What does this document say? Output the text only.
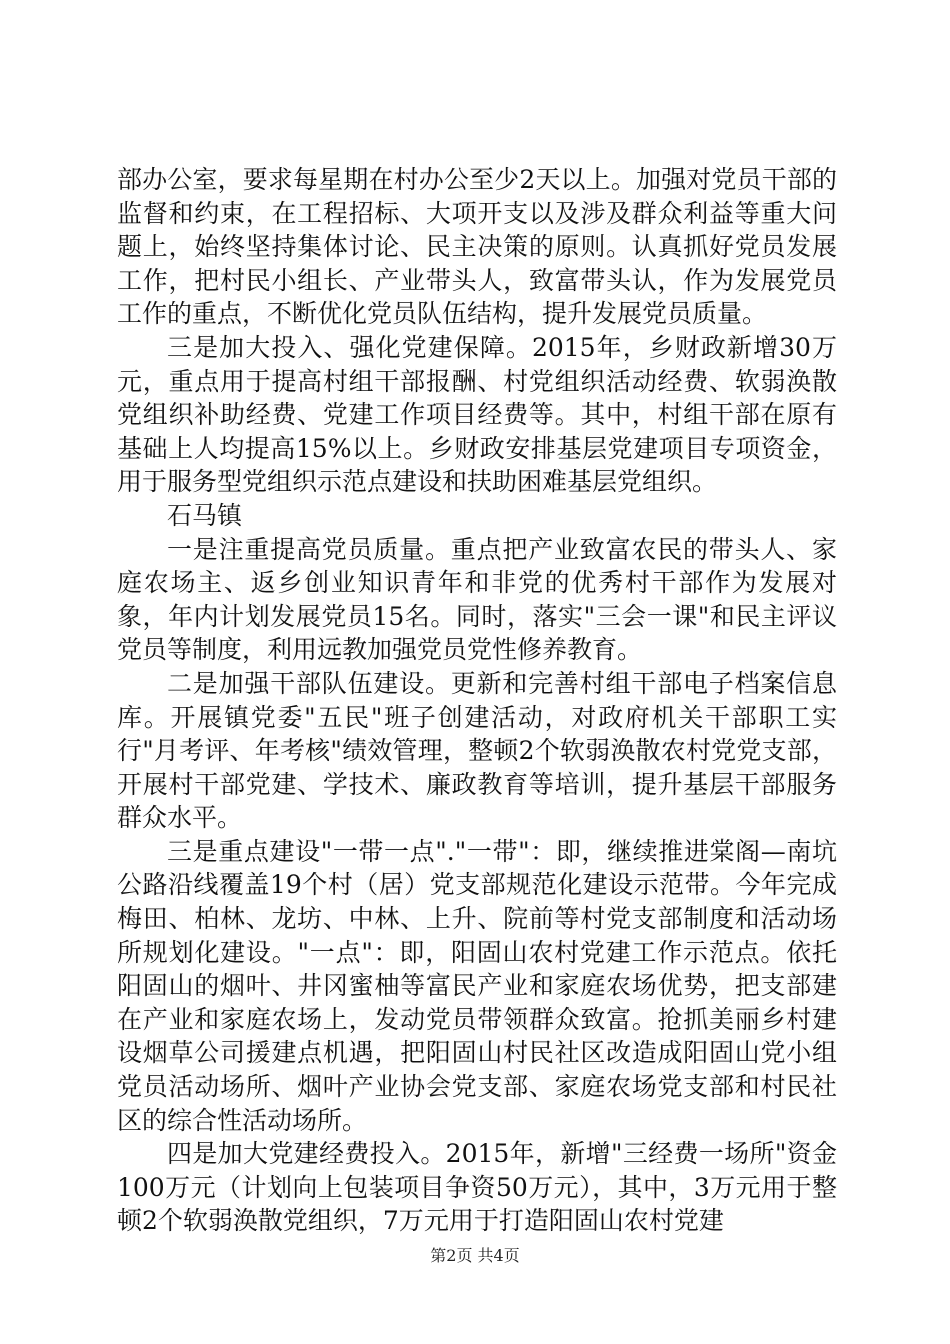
部办公室，要求每星期在村办公至少2天以上。加强对党员干部的监督和约束，在工程招标、大项开支以及涉及群众利益等重大问题上，始终坚持集体讨论、民主决策的原则。认真抓好党员发展工作，把村民小组长、产业带头人，致富带头认，作为发展党员工作的重点，不断优化党员队伍结构，提升发展党员质量。

三是加大投入、强化党建保障。2015年，乡财政新增30万元，重点用于提高村组干部报酬、村党组织活动经费、软弱涣散党组织补助经费、党建工作项目经费等。其中，村组干部在原有基础上人均提高15%以上。乡财政安排基层党建项目专项资金，用于服务型党组织示范点建设和扶助困难基层党组织。

石马镇

一是注重提高党员质量。重点把产业致富农民的带头人、家庭农场主、返乡创业知识青年和非党的优秀村干部作为发展对象，年内计划发展党员15名。同时，落实"三会一课"和民主评议党员等制度，利用远教加强党员党性修养教育。

二是加强干部队伍建设。更新和完善村组干部电子档案信息库。开展镇党委"五民"班子创建活动，对政府机关干部职工实行"月考评、年考核"绩效管理，整顿2个软弱涣散农村党党支部，开展村干部党建、学技术、廉政教育等培训，提升基层干部服务群众水平。

三是重点建设"一带一点"."一带"：即，继续推进棠阁—南坑公路沿线覆盖19个村（居）党支部规范化建设示范带。今年完成梅田、柏林、龙坊、中林、上升、院前等村党支部制度和活动场所规划化建设。"一点"：即，阳固山农村党建工作示范点。依托阳固山的烟叶、井冈蜜柚等富民产业和家庭农场优势，把支部建在产业和家庭农场上，发动党员带领群众致富。抢抓美丽乡村建设烟草公司援建点机遇，把阳固山村民社区改造成阳固山党小组党员活动场所、烟叶产业协会党支部、家庭农场党支部和村民社区的综合性活动场所。

四是加大党建经费投入。2015年，新增"三经费一场所"资金100万元（计划向上包装项目争资50万元），其中，3万元用于整顿2个软弱涣散党组织，7万元用于打造阳固山农村党建

第2页 共4页
